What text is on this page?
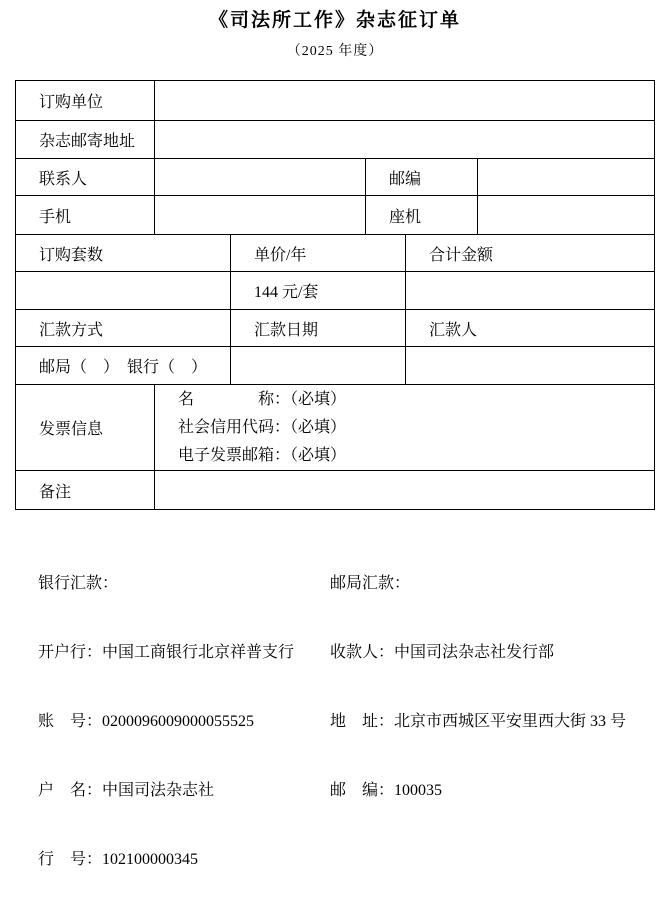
《司法所工作》杂志征订单
（2025 年度）
订购单位					
杂志邮寄地址					
联系人			邮编		
手机			座机		
订购套数		单价/年		合计金额	
		144 元/套			
汇款方式		汇款日期		汇款人	
邮局（　）　银行（　）					
发票信息	名　　　　称：（必填）
社会信用代码：（必填）
电子发票邮箱：（必填）				

备注					

银行汇款：

开户行：中国工商银行北京祥普支行

账　号：0200096009000055525

户　名：中国司法杂志社

行　号：102100000345

邮局汇款：

收款人：中国司法杂志社发行部

地　址：北京市西城区平安里西大街 33 号

邮　编：100035
